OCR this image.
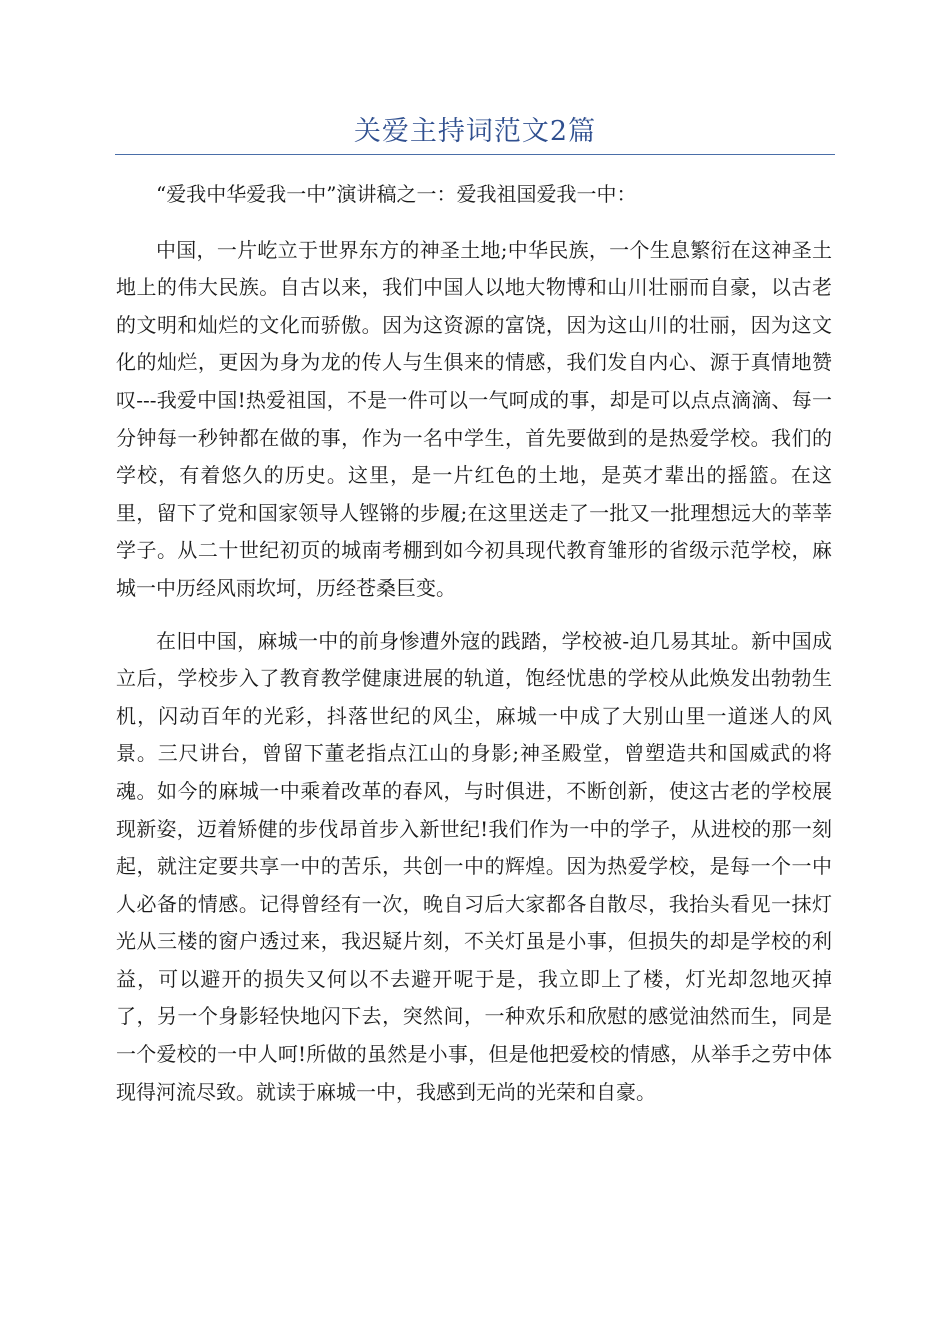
关爱主持词范文2篇

“爱我中华爱我一中”演讲稿之一：爱我祖国爱我一中：

中国，一片屹立于世界东方的神圣土地;中华民族，一个生息繁衍在这神圣土地上的伟大民族。自古以来，我们中国人以地大物博和山川壮丽而自豪，以古老的文明和灿烂的文化而骄傲。因为这资源的富饶，因为这山川的壮丽，因为这文化的灿烂，更因为身为龙的传人与生俱来的情感，我们发自内心、源于真情地赞叹---我爱中国!热爱祖国，不是一件可以一气呵成的事，却是可以点点滴滴、每一分钟每一秒钟都在做的事，作为一名中学生，首先要做到的是热爱学校。我们的学校，有着悠久的历史。这里，是一片红色的土地，是英才辈出的摇篮。在这里，留下了党和国家领导人铿锵的步履;在这里送走了一批又一批理想远大的莘莘学子。从二十世纪初页的城南考棚到如今初具现代教育雏形的省级示范学校，麻城一中历经风雨坎坷，历经苍桑巨变。

在旧中国，麻城一中的前身惨遭外寇的践踏，学校被-迫几易其址。新中国成立后，学校步入了教育教学健康进展的轨道，饱经忧患的学校从此焕发出勃勃生机，闪动百年的光彩，抖落世纪的风尘，麻城一中成了大别山里一道迷人的风景。三尺讲台，曾留下董老指点江山的身影;神圣殿堂，曾塑造共和国威武的将魂。如今的麻城一中乘着改革的春风，与时俱进，不断创新，使这古老的学校展现新姿，迈着矫健的步伐昂首步入新世纪!我们作为一中的学子，从进校的那一刻起，就注定要共享一中的苦乐，共创一中的辉煌。因为热爱学校，是每一个一中人必备的情感。记得曾经有一次，晚自习后大家都各自散尽，我抬头看见一抹灯光从三楼的窗户透过来，我迟疑片刻，不关灯虽是小事，但损失的却是学校的利益，可以避开的损失又何以不去避开呢于是，我立即上了楼，灯光却忽地灭掉了，另一个身影轻快地闪下去，突然间，一种欢乐和欣慰的感觉油然而生，同是一个爱校的一中人呵!所做的虽然是小事，但是他把爱校的情感，从举手之劳中体现得河流尽致。就读于麻城一中，我感到无尚的光荣和自豪。
